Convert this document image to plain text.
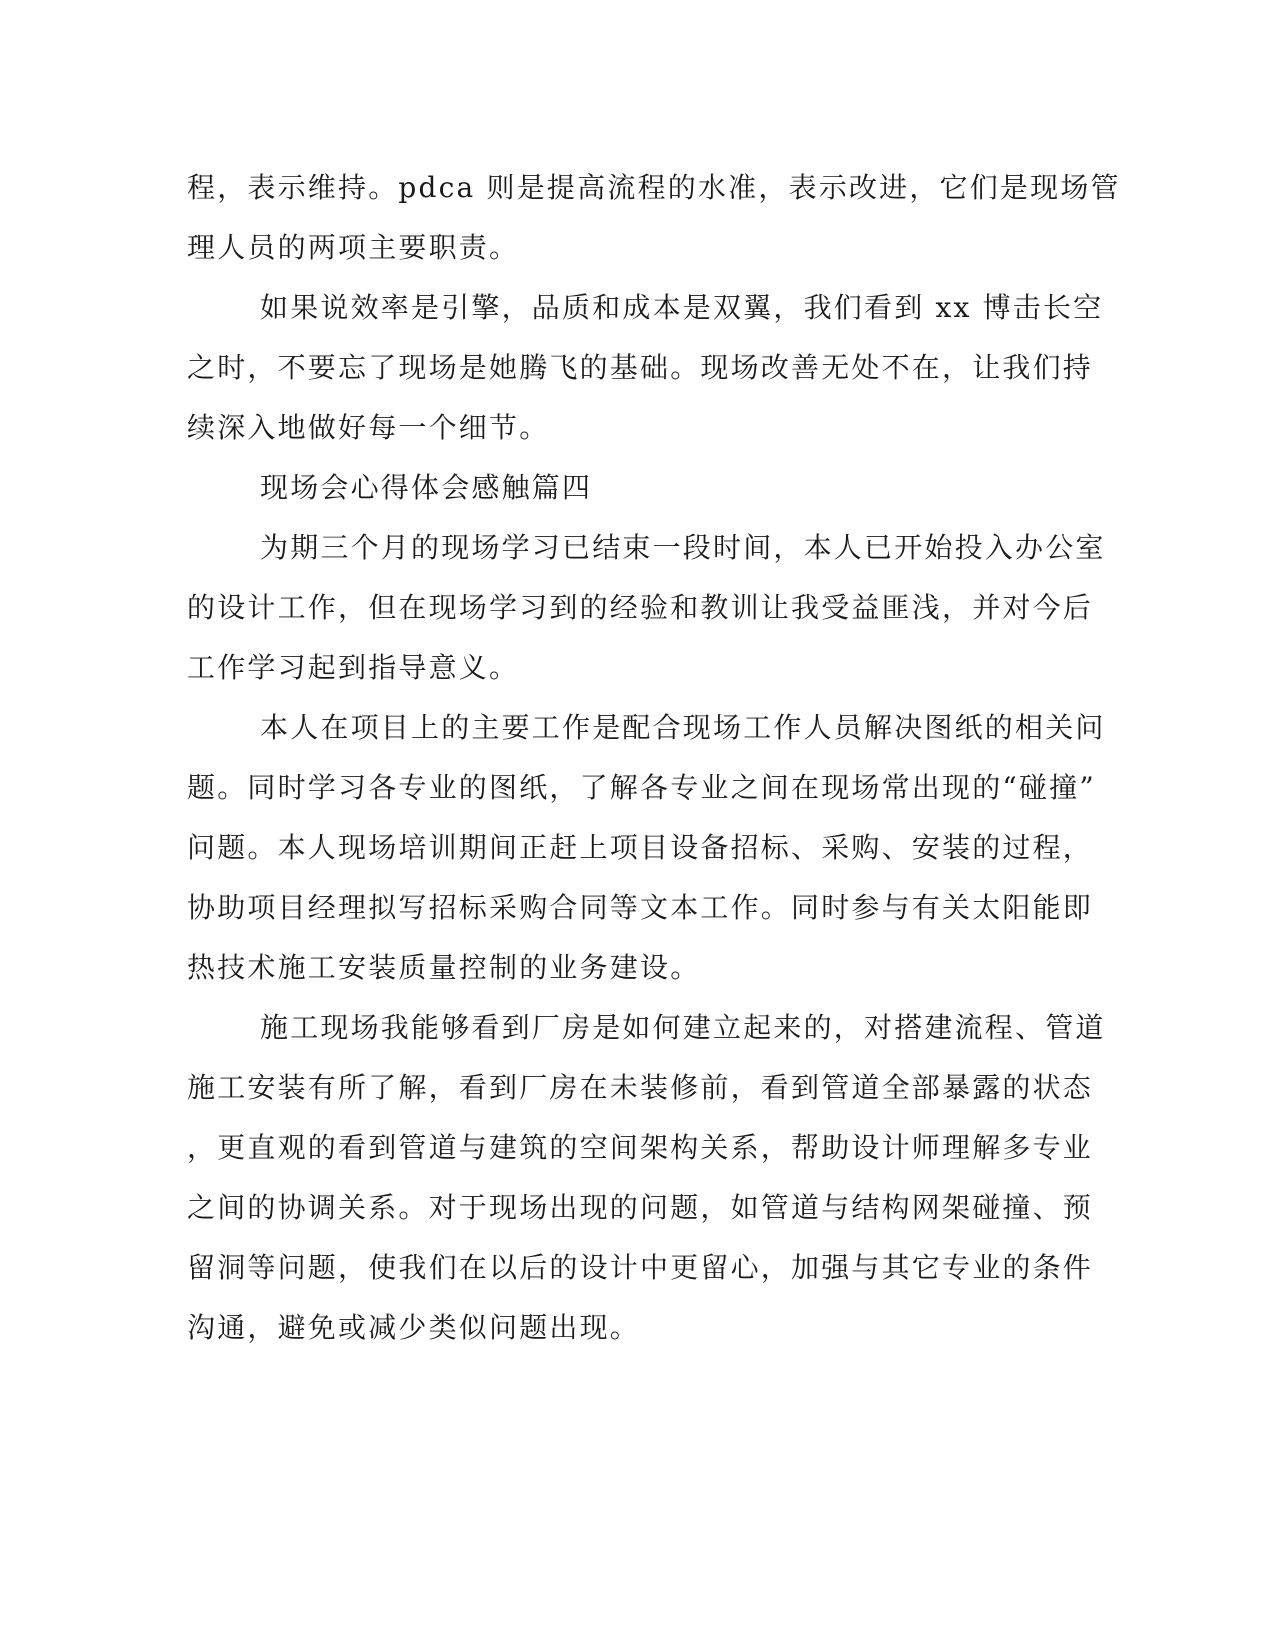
程，表示维持。pdca 则是提高流程的水准，表示改进，它们是现场管
理人员的两项主要职责。
如果说效率是引擎，品质和成本是双翼，我们看到 xx 博击长空
之时，不要忘了现场是她腾飞的基础。现场改善无处不在，让我们持
续深入地做好每一个细节。
现场会心得体会感触篇四
为期三个月的现场学习已结束一段时间，本人已开始投入办公室
的设计工作，但在现场学习到的经验和教训让我受益匪浅，并对今后
工作学习起到指导意义。
本人在项目上的主要工作是配合现场工作人员解决图纸的相关问
题。同时学习各专业的图纸，了解各专业之间在现场常出现的“碰撞”
问题。本人现场培训期间正赶上项目设备招标、采购、安装的过程，
协助项目经理拟写招标采购合同等文本工作。同时参与有关太阳能即
热技术施工安装质量控制的业务建设。
施工现场我能够看到厂房是如何建立起来的，对搭建流程、管道
施工安装有所了解，看到厂房在未装修前，看到管道全部暴露的状态
，更直观的看到管道与建筑的空间架构关系，帮助设计师理解多专业
之间的协调关系。对于现场出现的问题，如管道与结构网架碰撞、预
留洞等问题，使我们在以后的设计中更留心，加强与其它专业的条件
沟通，避免或减少类似问题出现。
